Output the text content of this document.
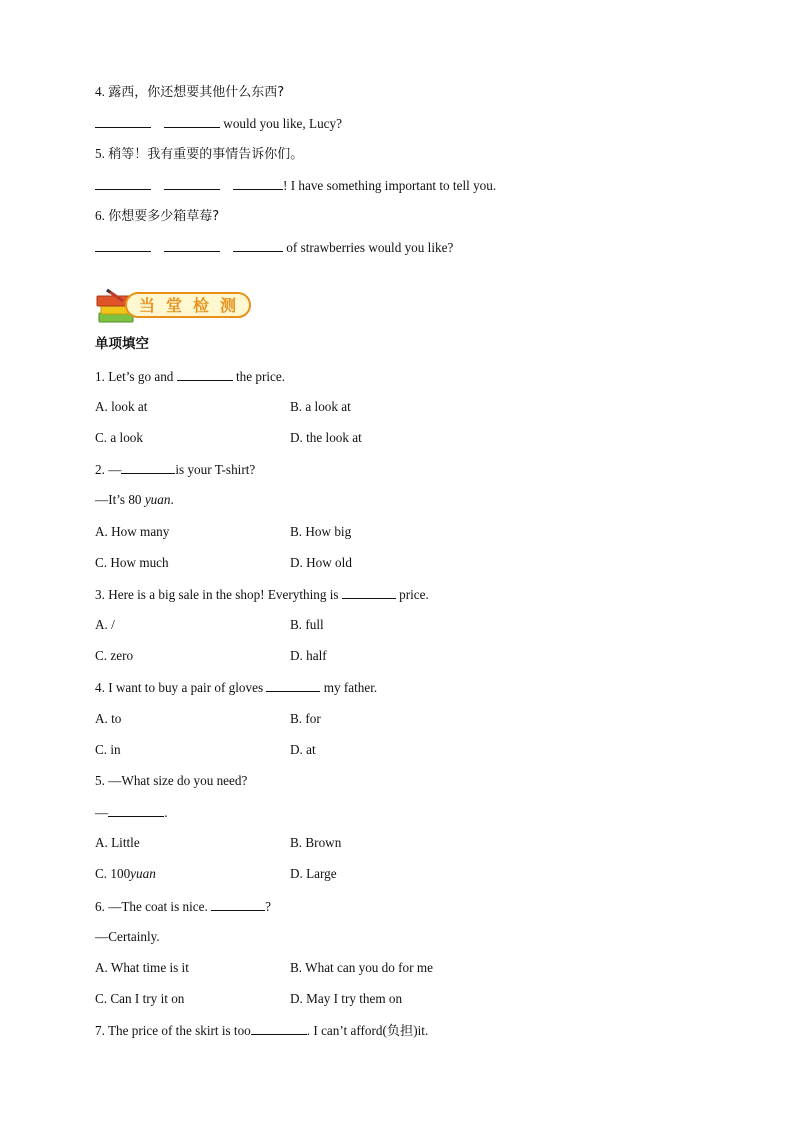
4. 露西，你还想要其他什么东西?
would you like, Lucy?
5. 稍等！我有重要的事情告诉你们。
! I have something important to tell you.
6. 你想要多少箱草莓?
of strawberries would you like?
当堂检测
单项填空
1. Let’s go and	the price.
A. look at	B. a look at
C. a look	D. the look at
2. —	is your T-shirt?
—It’s 80 yuan.
A. How many	B. How big
C. How much	D. How old
3. Here is a big sale in the shop! Everything is	price.
A. /	B. full
C. zero	D. half
4. I want to buy a pair of gloves	my father.
A. to	B. for
C. in	D. at
5. —What size do you need?
—	.
A. Little	B. Brown
C. 100yuan	D. Large
6. —The coat is nice.	?
—Certainly.
A. What time is it	B. What can you do for me
C. Can I try it on	D. May I try them on
7. The price of the skirt is too	. I can’t afford(负担)it.
